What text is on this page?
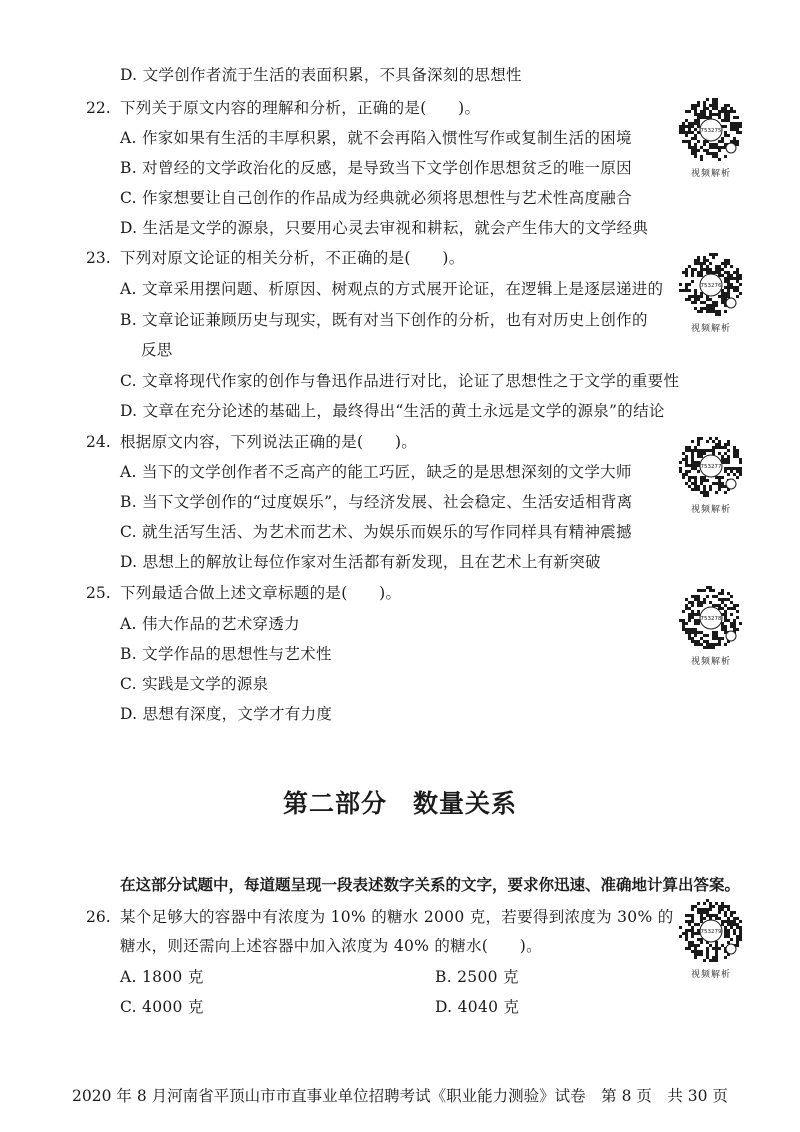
D. 文学创作者流于生活的表面积累，不具备深刻的思想性
22. 下列关于原文内容的理解和分析，正确的是(　　)。
A. 作家如果有生活的丰厚积累，就不会再陷入惯性写作或复制生活的困境
B. 对曾经的文学政治化的反感，是导致当下文学创作思想贫乏的唯一原因
C. 作家想要让自己创作的作品成为经典就必须将思想性与艺术性高度融合
D. 生活是文学的源泉，只要用心灵去审视和耕耘，就会产生伟大的文学经典
23. 下列对原文论证的相关分析，不正确的是(　　)。
A. 文章采用摆问题、析原因、树观点的方式展开论证，在逻辑上是逐层递进的
B. 文章论证兼顾历史与现实，既有对当下创作的分析，也有对历史上创作的
反思
C. 文章将现代作家的创作与鲁迅作品进行对比，论证了思想性之于文学的重要性
D. 文章在充分论述的基础上，最终得出“生活的黄土永远是文学的源泉”的结论
24. 根据原文内容，下列说法正确的是(　　)。
A. 当下的文学创作者不乏高产的能工巧匠，缺乏的是思想深刻的文学大师
B. 当下文学创作的“过度娱乐”，与经济发展、社会稳定、生活安适相背离
C. 就生活写生活、为艺术而艺术、为娱乐而娱乐的写作同样具有精神震撼
D. 思想上的解放让每位作家对生活都有新发现，且在艺术上有新突破
25. 下列最适合做上述文章标题的是(　　)。
A. 伟大作品的艺术穿透力
B. 文学作品的思想性与艺术性
C. 实践是文学的源泉
D. 思想有深度，文学才有力度
第二部分　数量关系
在这部分试题中，每道题呈现一段表述数字关系的文字，要求你迅速、准确地计算出答案。
26. 某个足够大的容器中有浓度为 10% 的糖水 2000 克，若要得到浓度为 30% 的
糖水，则还需向上述容器中加入浓度为 40% 的糖水(　　)。
A. 1800 克	B. 2500 克
C. 4000 克	D. 4040 克
753275
视频解析
753276
视频解析
753277
视频解析
753278
视频解析
753279
视频解析
2020 年 8 月河南省平顶山市市直事业单位招聘考试《职业能力测验》试卷　第 8 页　共 30 页
